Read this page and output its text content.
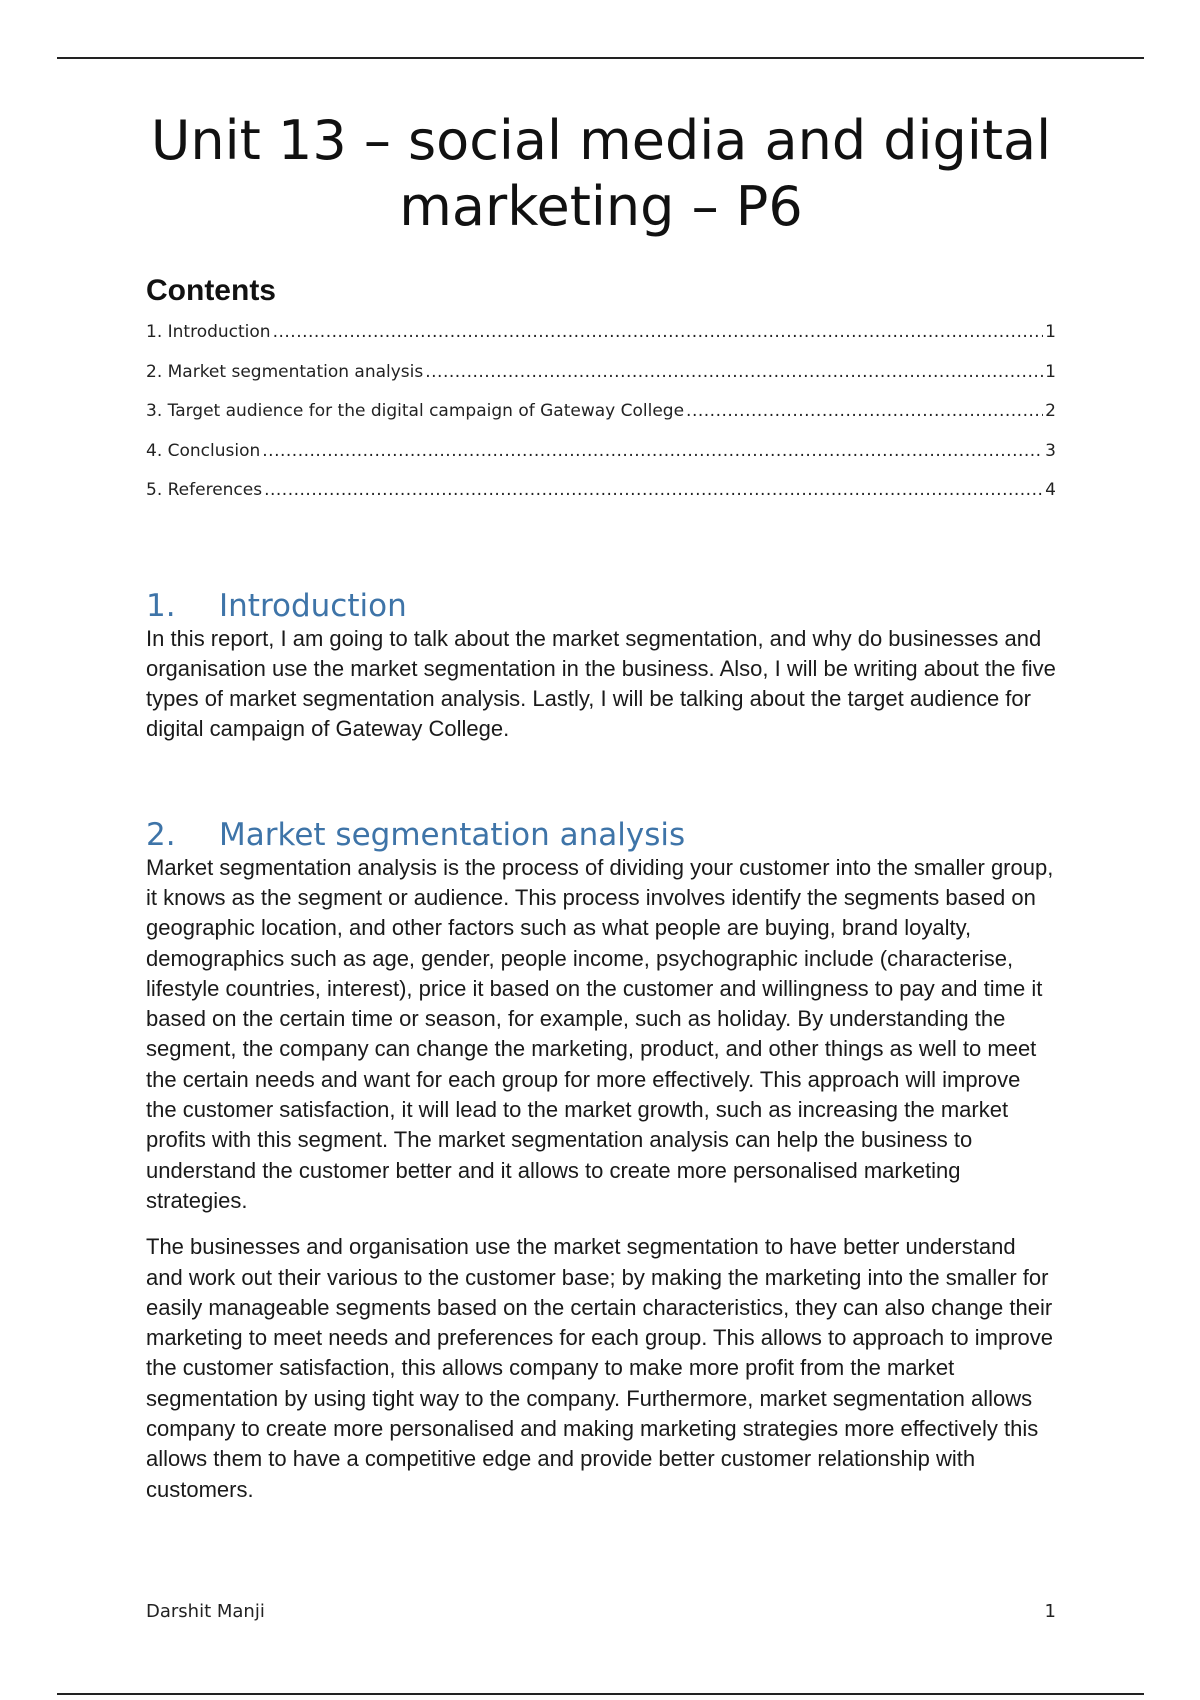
Unit 13 – social media and digital marketing – P6
Contents
1. Introduction .....	1
2. Market segmentation analysis .....	1
3. Target audience for the digital campaign of Gateway College .....	2
4. Conclusion .....	3
5. References .....	4
1.	Introduction

In this report, I am going to talk about the market segmentation, and why do businesses and organisation use the market segmentation in the business. Also, I will be writing about the five types of market segmentation analysis. Lastly, I will be talking about the target audience for digital campaign of Gateway College.

2.	Market segmentation analysis

Market segmentation analysis is the process of dividing your customer into the smaller group, it knows as the segment or audience. This process involves identify the segments based on geographic location, and other factors such as what people are buying, brand loyalty, demographics such as age, gender, people income, psychographic include (characterise, lifestyle countries, interest), price it based on the customer and willingness to pay and time it based on the certain time or season, for example, such as holiday. By understanding the segment, the company can change the marketing, product, and other things as well to meet the certain needs and want for each group for more effectively. This approach will improve the customer satisfaction, it will lead to the market growth, such as increasing the market profits with this segment. The market segmentation analysis can help the business to understand the customer better and it allows to create more personalised marketing strategies.

The businesses and organisation use the market segmentation to have better understand and work out their various to the customer base; by making the marketing into the smaller for easily manageable segments based on the certain characteristics, they can also change their marketing to meet needs and preferences for each group. This allows to approach to improve the customer satisfaction, this allows company to make more profit from the market segmentation by using tight way to the company. Furthermore, market segmentation allows company to create more personalised and making marketing strategies more effectively this allows them to have a competitive edge and provide better customer relationship with customers.

Darshit Manji	1
